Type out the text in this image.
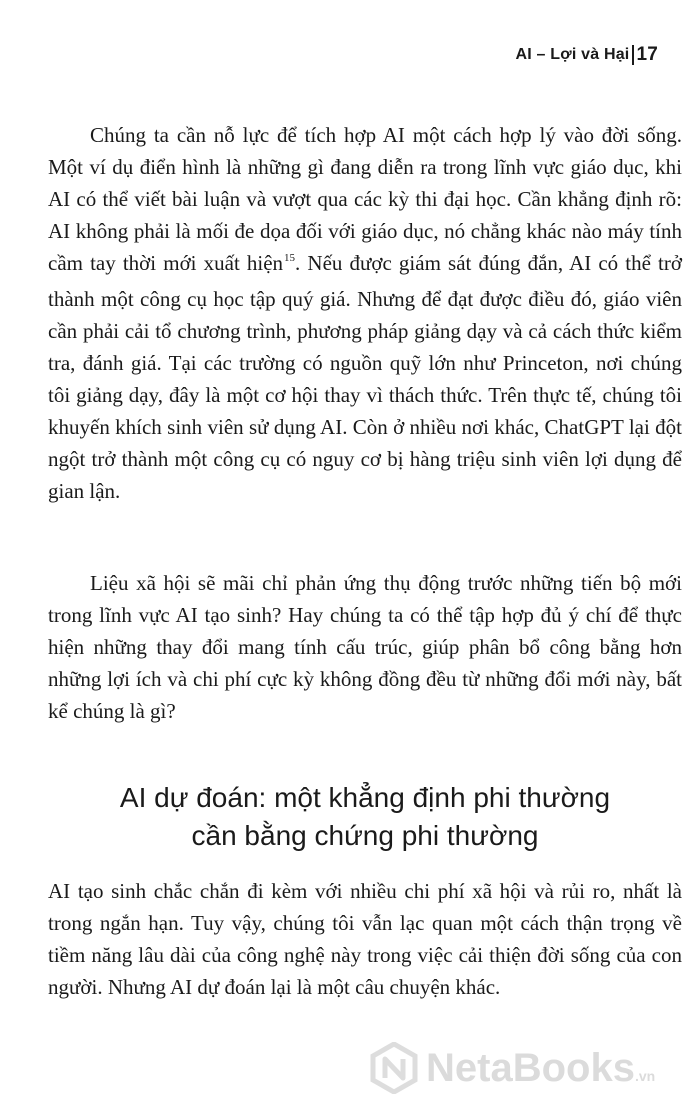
AI – Lợi và Hại 17

Chúng ta cần nỗ lực để tích hợp AI một cách hợp lý vào đời sống. Một ví dụ điển hình là những gì đang diễn ra trong lĩnh vực giáo dục, khi AI có thể viết bài luận và vượt qua các kỳ thi đại học. Cần khẳng định rõ: AI không phải là mối đe dọa đối với giáo dục, nó chẳng khác nào máy tính cầm tay thời mới xuất hiện$^{15}$. Nếu được giám sát đúng đắn, AI có thể trở thành một công cụ học tập quý giá. Nhưng để đạt được điều đó, giáo viên cần phải cải tổ chương trình, phương pháp giảng dạy và cả cách thức kiểm tra, đánh giá. Tại các trường có nguồn quỹ lớn như Princeton, nơi chúng tôi giảng dạy, đây là một cơ hội thay vì thách thức. Trên thực tế, chúng tôi khuyến khích sinh viên sử dụng AI. Còn ở nhiều nơi khác, ChatGPT lại đột ngột trở thành một công cụ có nguy cơ bị hàng triệu sinh viên lợi dụng để gian lận.

Liệu xã hội sẽ mãi chỉ phản ứng thụ động trước những tiến bộ mới trong lĩnh vực AI tạo sinh? Hay chúng ta có thể tập hợp đủ ý chí để thực hiện những thay đổi mang tính cấu trúc, giúp phân bổ công bằng hơn những lợi ích và chi phí cực kỳ không đồng đều từ những đổi mới này, bất kể chúng là gì?

AI dự đoán: một khẳng định phi thường
cần bằng chứng phi thường

AI tạo sinh chắc chắn đi kèm với nhiều chi phí xã hội và rủi ro, nhất là trong ngắn hạn. Tuy vậy, chúng tôi vẫn lạc quan một cách thận trọng về tiềm năng lâu dài của công nghệ này trong việc cải thiện đời sống của con người. Nhưng AI dự đoán lại là một câu chuyện khác.

NetaBooks.vn
